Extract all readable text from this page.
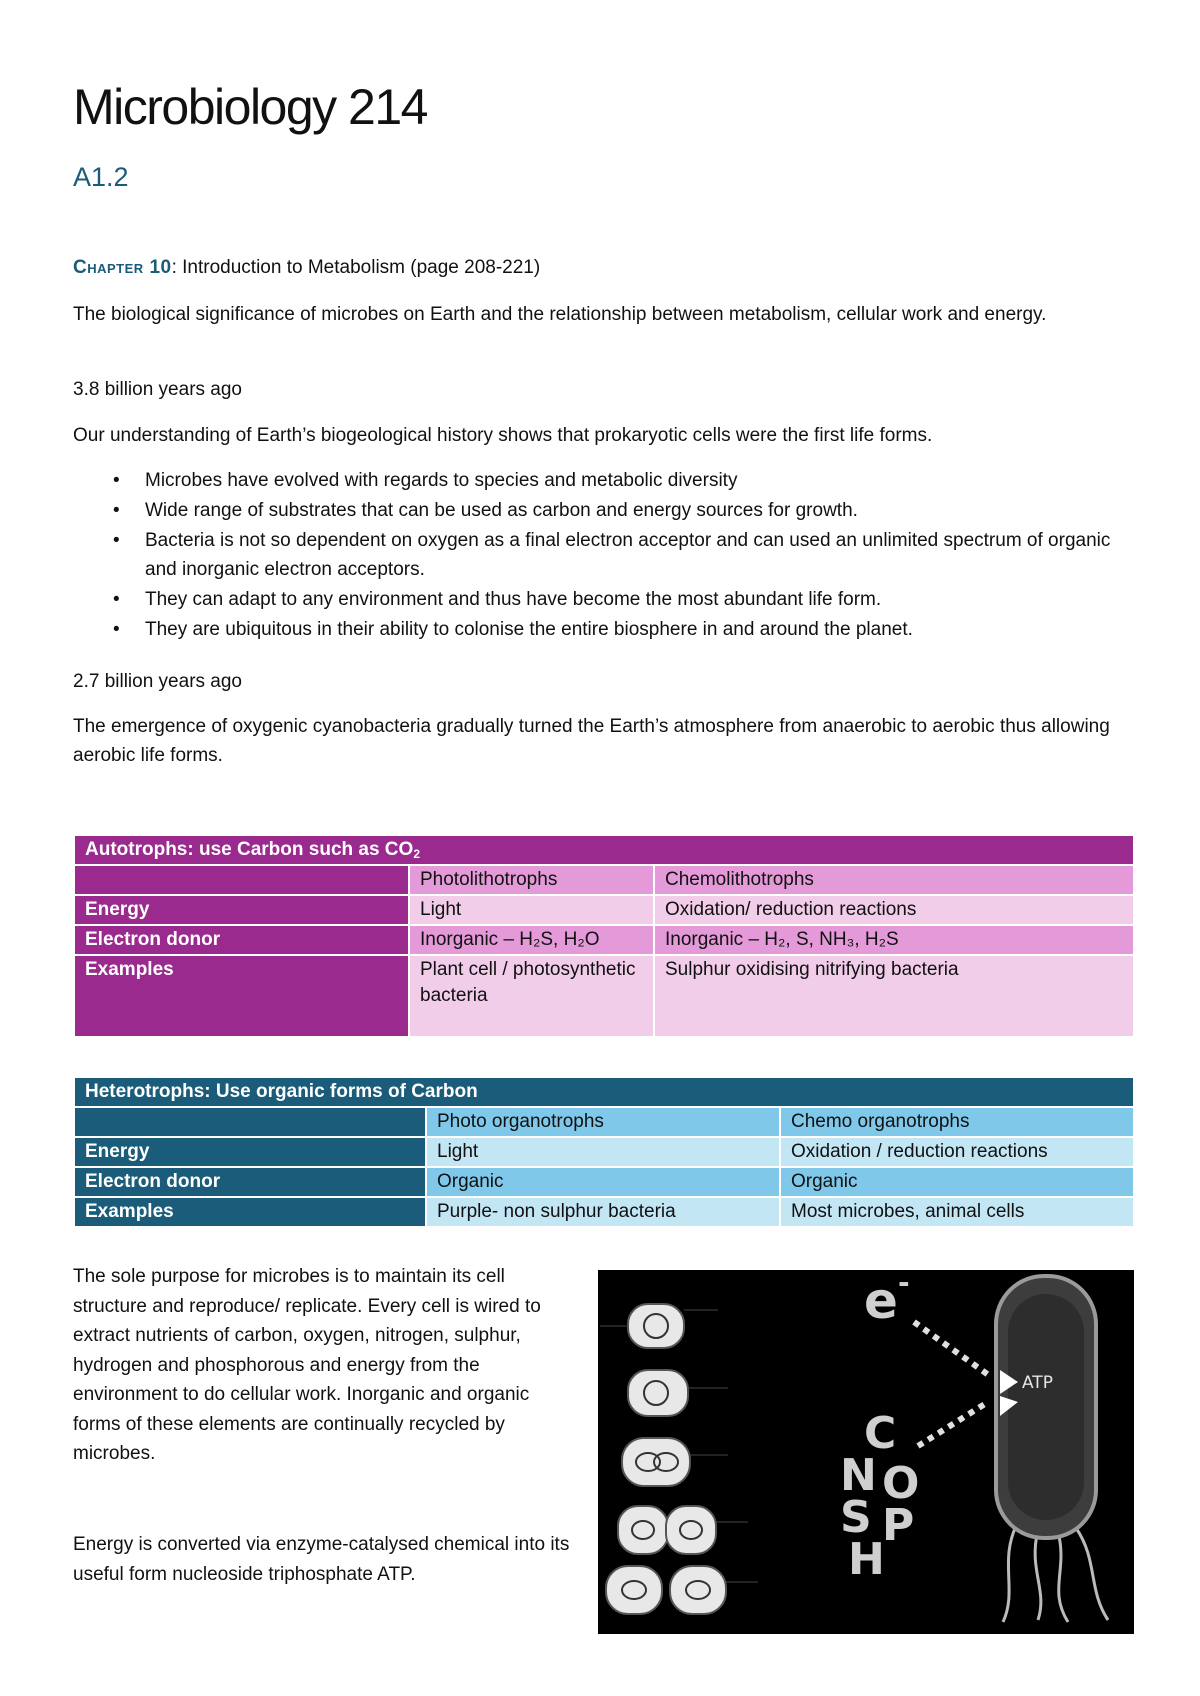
Microbiology 214
A1.2

Chapter 10: Introduction to Metabolism (page 208-221)

The biological significance of microbes on Earth and the relationship between metabolism, cellular work and energy.

3.8 billion years ago

Our understanding of Earth’s biogeological history shows that prokaryotic cells were the first life forms.

• Microbes have evolved with regards to species and metabolic diversity
• Wide range of substrates that can be used as carbon and energy sources for growth.
• Bacteria is not so dependent on oxygen as a final electron acceptor and can used an unlimited spectrum of organic and inorganic electron acceptors.
• They can adapt to any environment and thus have become the most abundant life form.
• They are ubiquitous in their ability to colonise the entire biosphere in and around the planet.

2.7 billion years ago

The emergence of oxygenic cyanobacteria gradually turned the Earth’s atmosphere from anaerobic to aerobic thus allowing aerobic life forms.

Autotrophs: use Carbon such as $CO_2$
	Photolithotrophs	Chemolithotrophs
Energy	Light	Oxidation/ reduction reactions
Electron donor	Inorganic – H₂S, H₂O	Inorganic – H₂, S, NH₃, H₂S
Examples	Plant cell / photosynthetic bacteria	Sulphur oxidising nitrifying bacteria
Heterotrophs: Use organic forms of Carbon		
	Photo organotrophs	Chemo organotrophs
Energy	Light	Oxidation / reduction reactions
Electron donor	Organic	Organic
Examples	Purple- non sulphur bacteria	Most microbes, animal cells

The sole purpose for microbes is to maintain its cell structure and reproduce/ replicate. Every cell is wired to extract nutrients of carbon, oxygen, nitrogen, sulphur, hydrogen and phosphorous and energy from the environment to do cellular work. Inorganic and organic forms of these elements are continually recycled by microbes.

Energy is converted via enzyme-catalysed chemical into its useful form nucleoside triphosphate ATP.

ATP
e -
C
N O
S P
H
